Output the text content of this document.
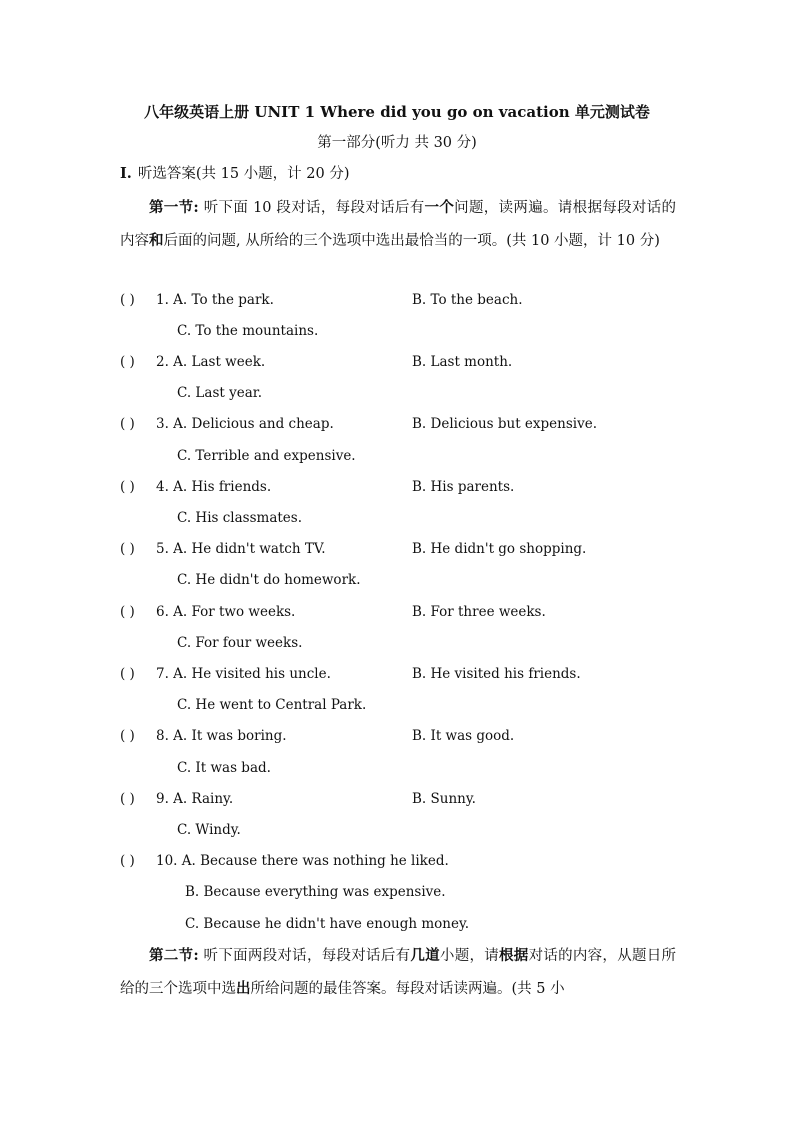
八年级英语上册 UNIT 1 Where did you go on vacation 单元测试卷
第一部分(听力 共 30 分)
Ⅰ. 听选答案(共 15 小题，计 20 分)
第一节: 听下面 10 段对话，每段对话后有一个问题，读两遍。请根据每段对话的内容和后面的问题, 从所给的三个选项中选出最恰当的一项。(共 10 小题，计 10 分)
( ) 1. A. To the park.	B. To the beach.
C. To the mountains.
( ) 2. A. Last week.	B. Last month.
C. Last year.
( ) 3. A. Delicious and cheap.	B. Delicious but expensive.
C. Terrible and expensive.
( ) 4. A. His friends.	B. His parents.
C. His classmates.
( ) 5. A. He didn't watch TV.	B. He didn't go shopping.
C. He didn't do homework.
( ) 6. A. For two weeks.	B. For three weeks.
C. For four weeks.
( ) 7. A. He visited his uncle.	B. He visited his friends.
C. He went to Central Park.
( ) 8. A. It was boring.	B. It was good.
C. It was bad.
( ) 9. A. Rainy.	B. Sunny.
C. Windy.
( ) 10. A. Because there was nothing he liked.
B. Because everything was expensive.
C. Because he didn't have enough money.
第二节: 听下面两段对话，每段对话后有几道小题，请根据对话的内容，从题日所给的三个选项中选出所给问题的最佳答案。每段对话读两遍。(共 5 小
